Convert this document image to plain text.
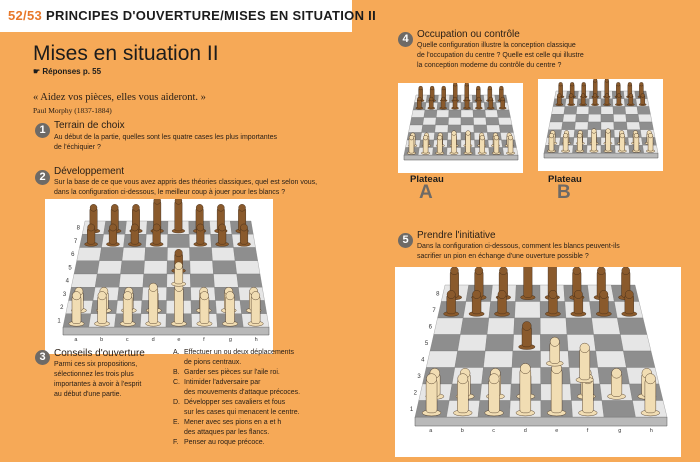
52/53 PRINCIPES D'OUVERTURE/MISES EN SITUATION II
Mises en situation II
☛ Réponses p. 55
« Aidez vos pièces, elles vous aideront. »
Paul Morphy (1837-1884)
1 Terrain de choix
Au début de la partie, quelles sont les quatre cases les plus importantes
de l'échiquier ?
2 Développement
Sur la base de ce que vous avez appris des théories classiques, quel est selon vous,
dans la configuration ci-dessous, le meilleur coup à jouer pour les blancs ?
8
7
6
5
4
3
2
1
a	b	c	d	e	f	g	h
3 Conseils d'ouverture
Parmi ces six propositions,
sélectionnez les trois plus
importantes à avoir à l'esprit
au début d'une partie.
A. Effectuer un ou deux déplacements
de pions centraux.
B. Garder ses pièces sur l'aile roi.
C. Intimider l'adversaire par
des mouvements d'attaque précoces.
D. Développer ses cavaliers et fous
sur les cases qui menacent le centre.
E. Mener avec ses pions en a et h
des attaques par les flancs.
F. Penser au roque précoce.
4 Occupation ou contrôle
Quelle configuration illustre la conception classique
de l'occupation du centre ? Quelle est celle qui illustre
la conception moderne du contrôle du centre ?
Plateau
A
Plateau
B
5 Prendre l'initiative
Dans la configuration ci-dessous, comment les blancs peuvent-ils
sacrifier un pion en échange d'une ouverture possible ?
8
7
6
5
4
3
2
1
a	b	c	d	e	f	g	h
